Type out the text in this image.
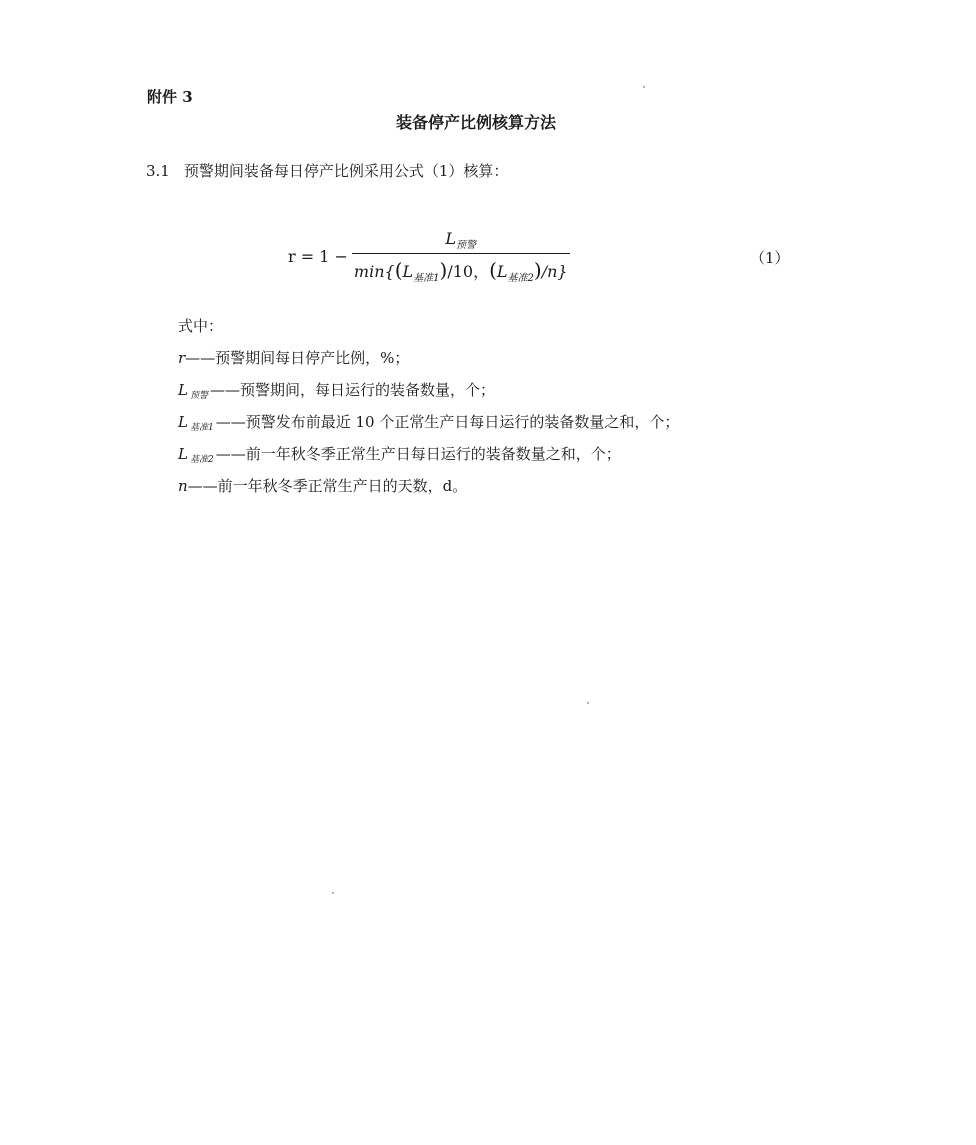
附件 3
装备停产比例核算方法
3.1 预警期间装备每日停产比例采用公式（1）核算：
$r = 1 - \frac{L_{预警}}{\min\{(L_{基准1})/10,(L_{基准2})/n\}}$	（1）
式中：
r——预警期间每日停产比例，%；
L $_{预警}$ ——预警期间，每日运行的装备数量，个；
L $_{基准1}$ ——预警发布前最近 10 个正常生产日每日运行的装备数量之和，个；
L $_{基准2}$ ——前一年秋冬季正常生产日每日运行的装备数量之和，个；
n——前一年秋冬季正常生产日的天数，d。
